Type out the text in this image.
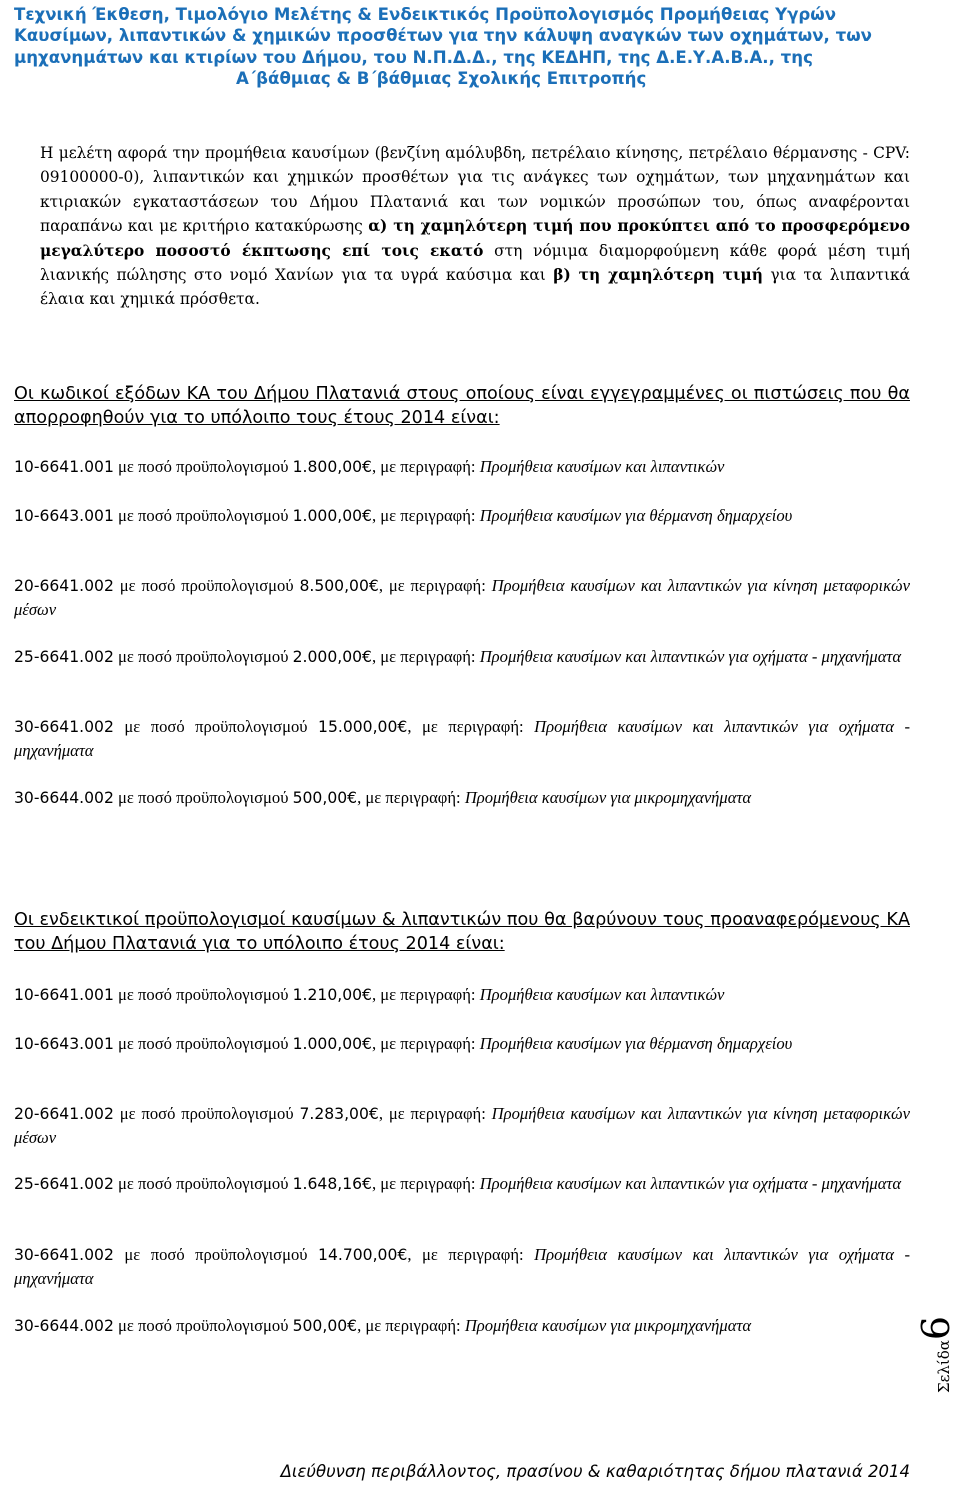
Τεχνική Έκθεση, Τιμολόγιο Μελέτης & Ενδεικτικός Προϋπολογισμός Προμήθειας Υγρών
Καυσίμων, λιπαντικών & χημικών προσθέτων για την κάλυψη αναγκών των οχημάτων, των
μηχανημάτων και κτιρίων του Δήμου, του Ν.Π.Δ.Δ., της ΚΕΔΗΠ, της Δ.Ε.Υ.Α.Β.Α., της
Α΄βάθμιας & Β΄βάθμιας Σχολικής Επιτροπής
Η μελέτη αφορά την προμήθεια καυσίμων (βενζίνη αμόλυβδη, πετρέλαιο κίνησης, πετρέλαιο θέρμανσης - CPV: 09100000-0), λιπαντικών και χημικών προσθέτων για τις ανάγκες των οχημάτων, των μηχανημάτων και κτιριακών εγκαταστάσεων του Δήμου Πλατανιά και των νομικών προσώπων του, όπως αναφέρονται παραπάνω και με κριτήριο κατακύρωσης α) τη χαμηλότερη τιμή που προκύπτει από το προσφερόμενο μεγαλύτερο ποσοστό έκπτωσης επί τοις εκατό στη νόμιμα διαμορφούμενη κάθε φορά μέση τιμή λιανικής πώλησης στο νομό Χανίων για τα υγρά καύσιμα και β) τη χαμηλότερη τιμή για τα λιπαντικά έλαια και χημικά πρόσθετα.
Οι κωδικοί εξόδων ΚΑ του Δήμου Πλατανιά στους οποίους είναι εγγεγραμμένες οι πιστώσεις που θα απορροφηθούν για το υπόλοιπο τους έτους 2014 είναι:
10-6641.001 με ποσό προϋπολογισμού 1.800,00€, με περιγραφή: Προμήθεια καυσίμων και λιπαντικών
10-6643.001 με ποσό προϋπολογισμού 1.000,00€, με περιγραφή: Προμήθεια καυσίμων για θέρμανση δημαρχείου
20-6641.002 με ποσό προϋπολογισμού 8.500,00€, με περιγραφή: Προμήθεια καυσίμων και λιπαντικών για κίνηση μεταφορικών μέσων
25-6641.002 με ποσό προϋπολογισμού 2.000,00€, με περιγραφή: Προμήθεια καυσίμων και λιπαντικών για οχήματα - μηχανήματα
30-6641.002 με ποσό προϋπολογισμού 15.000,00€, με περιγραφή: Προμήθεια καυσίμων και λιπαντικών για οχήματα - μηχανήματα
30-6644.002 με ποσό προϋπολογισμού 500,00€, με περιγραφή: Προμήθεια καυσίμων για μικρομηχανήματα
Οι ενδεικτικοί προϋπολογισμοί καυσίμων & λιπαντικών που θα βαρύνουν τους προαναφερόμενους ΚΑ του Δήμου Πλατανιά για το υπόλοιπο έτους 2014 είναι:
10-6641.001 με ποσό προϋπολογισμού 1.210,00€, με περιγραφή: Προμήθεια καυσίμων και λιπαντικών
10-6643.001 με ποσό προϋπολογισμού 1.000,00€, με περιγραφή: Προμήθεια καυσίμων για θέρμανση δημαρχείου
20-6641.002 με ποσό προϋπολογισμού 7.283,00€, με περιγραφή: Προμήθεια καυσίμων και λιπαντικών για κίνηση μεταφορικών μέσων
25-6641.002 με ποσό προϋπολογισμού 1.648,16€, με περιγραφή: Προμήθεια καυσίμων και λιπαντικών για οχήματα - μηχανήματα
30-6641.002 με ποσό προϋπολογισμού 14.700,00€, με περιγραφή: Προμήθεια καυσίμων και λιπαντικών για οχήματα - μηχανήματα
30-6644.002 με ποσό προϋπολογισμού 500,00€, με περιγραφή: Προμήθεια καυσίμων για μικρομηχανήματα
Σελίδα6
Διεύθυνση περιβάλλοντος, πρασίνου & καθαριότητας δήμου πλατανιά 2014
